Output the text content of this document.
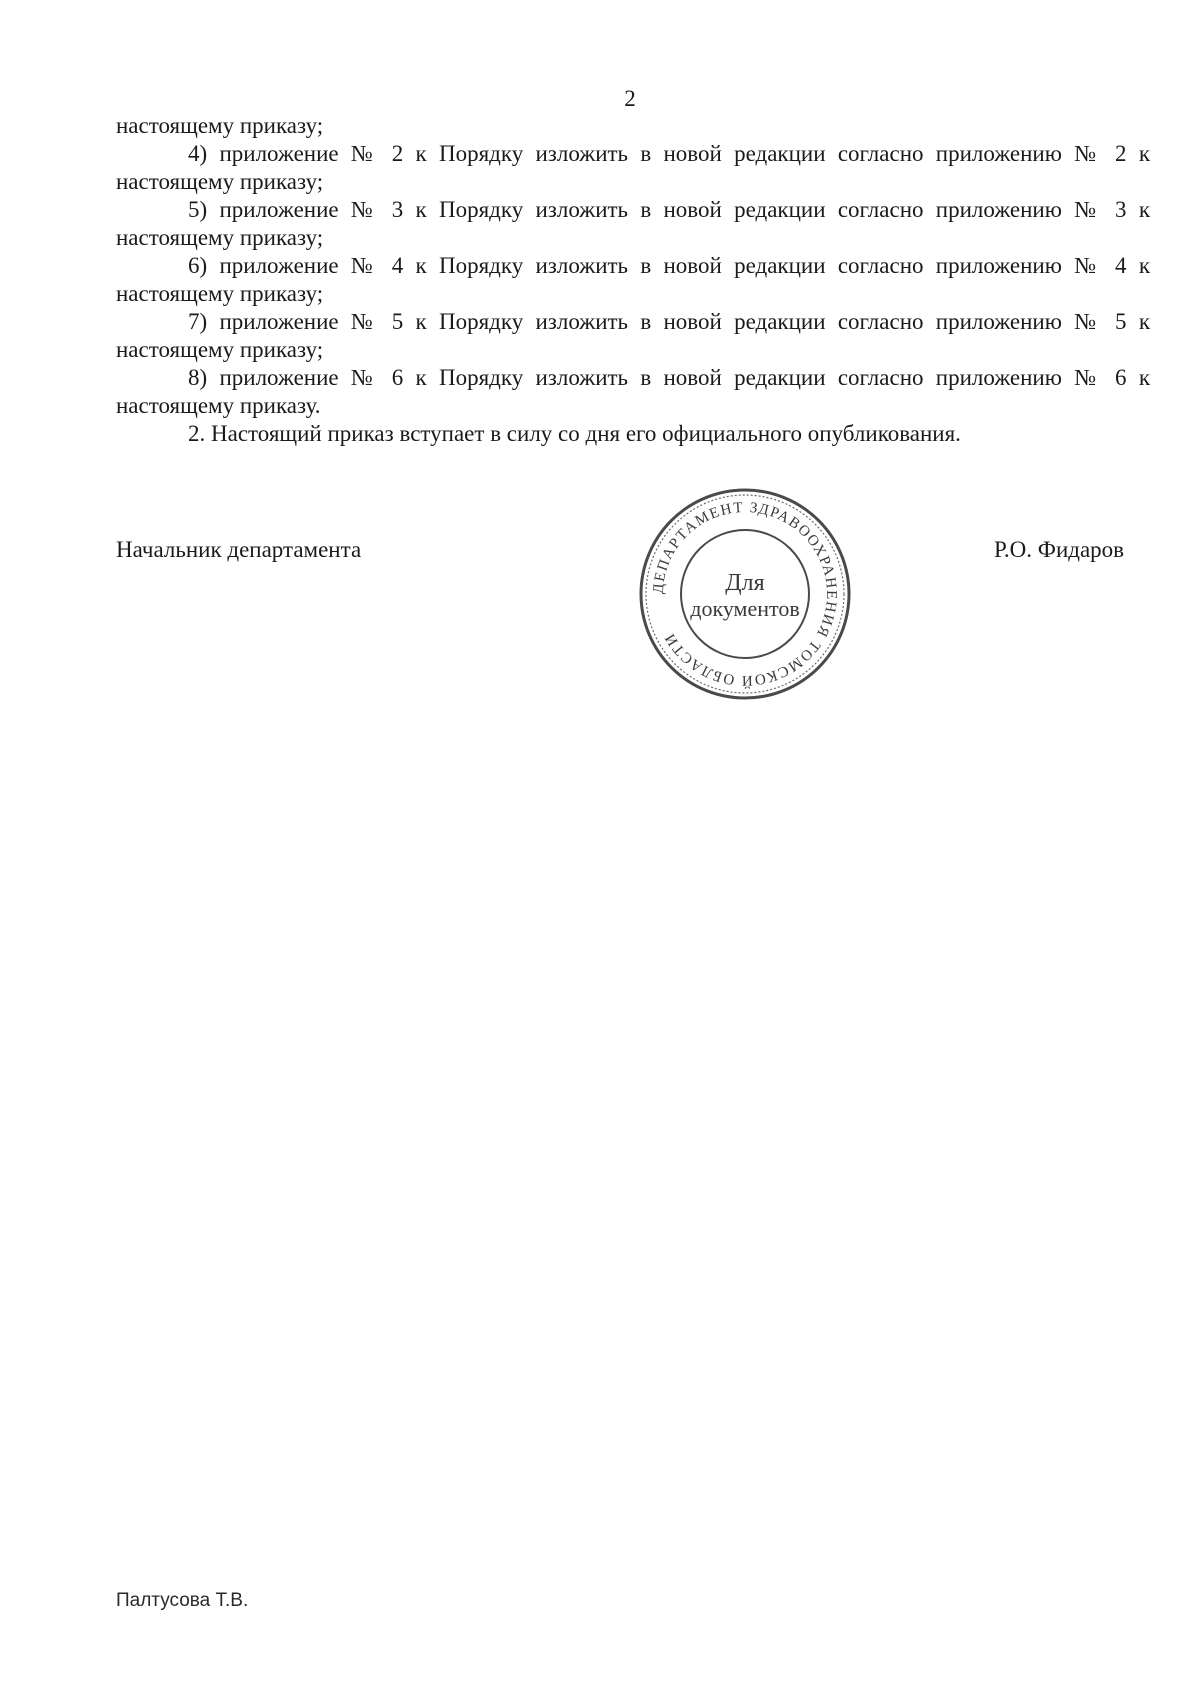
2

настоящему приказу;

4) приложение № 2 к Порядку изложить в новой редакции согласно приложению № 2 к настоящему приказу;

5) приложение № 3 к Порядку изложить в новой редакции согласно приложению № 3 к настоящему приказу;

6) приложение № 4 к Порядку изложить в новой редакции согласно приложению № 4 к настоящему приказу;

7) приложение № 5 к Порядку изложить в новой редакции согласно приложению № 5 к настоящему приказу;

8) приложение № 6 к Порядку изложить в новой редакции согласно приложению № 6 к настоящему приказу.

2. Настоящий приказ вступает в силу со дня его официального опубликования.

Начальник департамента
ДЕПАРТАМЕНТ ЗДРАВООХРАНЕНИЯ ТОМСКОЙ ОБЛАСТИ
Для
документов
Р.О. Фидаров
Палтусова Т.В.
